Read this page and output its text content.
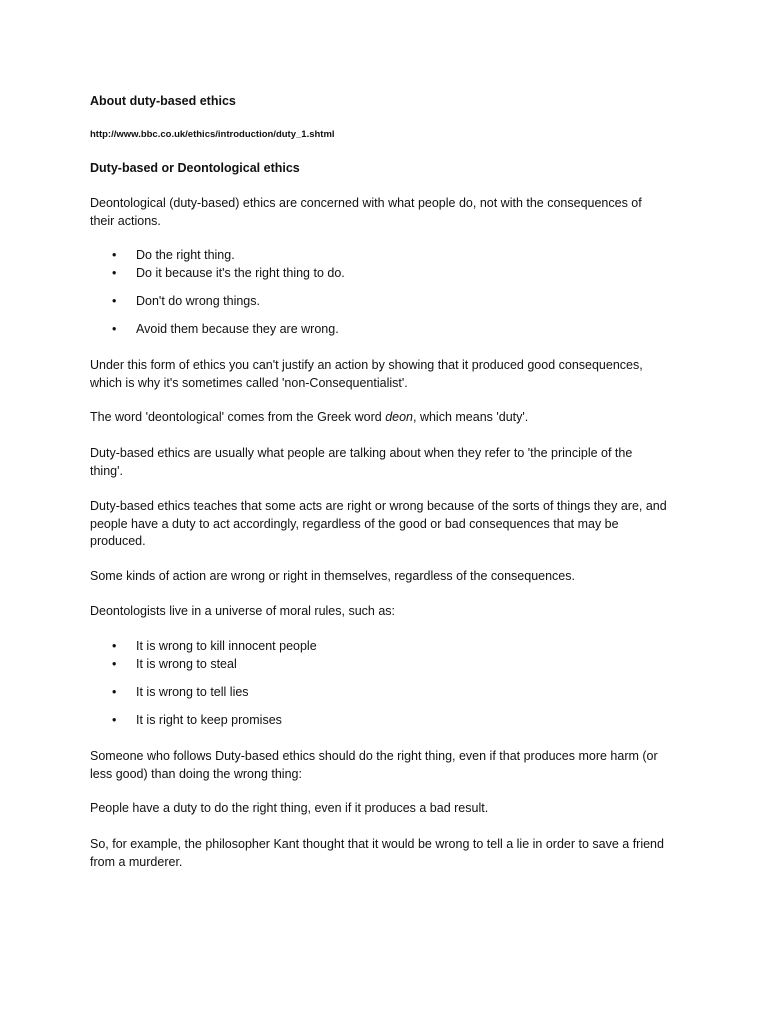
About duty-based ethics

http://www.bbc.co.uk/ethics/introduction/duty_1.shtml

Duty-based or Deontological ethics

Deontological (duty-based) ethics are concerned with what people do, not with the consequences of
their actions.

• Do the right thing.
• Do it because it's the right thing to do.
• Don't do wrong things.
• Avoid them because they are wrong.

Under this form of ethics you can't justify an action by showing that it produced good consequences,
which is why it's sometimes called 'non-Consequentialist'.

The word 'deontological' comes from the Greek word deon, which means 'duty'.

Duty-based ethics are usually what people are talking about when they refer to 'the principle of the
thing'.

Duty-based ethics teaches that some acts are right or wrong because of the sorts of things they are, and
people have a duty to act accordingly, regardless of the good or bad consequences that may be
produced.

Some kinds of action are wrong or right in themselves, regardless of the consequences.

Deontologists live in a universe of moral rules, such as:

• It is wrong to kill innocent people
• It is wrong to steal
• It is wrong to tell lies
• It is right to keep promises

Someone who follows Duty-based ethics should do the right thing, even if that produces more harm (or
less good) than doing the wrong thing:

People have a duty to do the right thing, even if it produces a bad result.

So, for example, the philosopher Kant thought that it would be wrong to tell a lie in order to save a friend
from a murderer.
